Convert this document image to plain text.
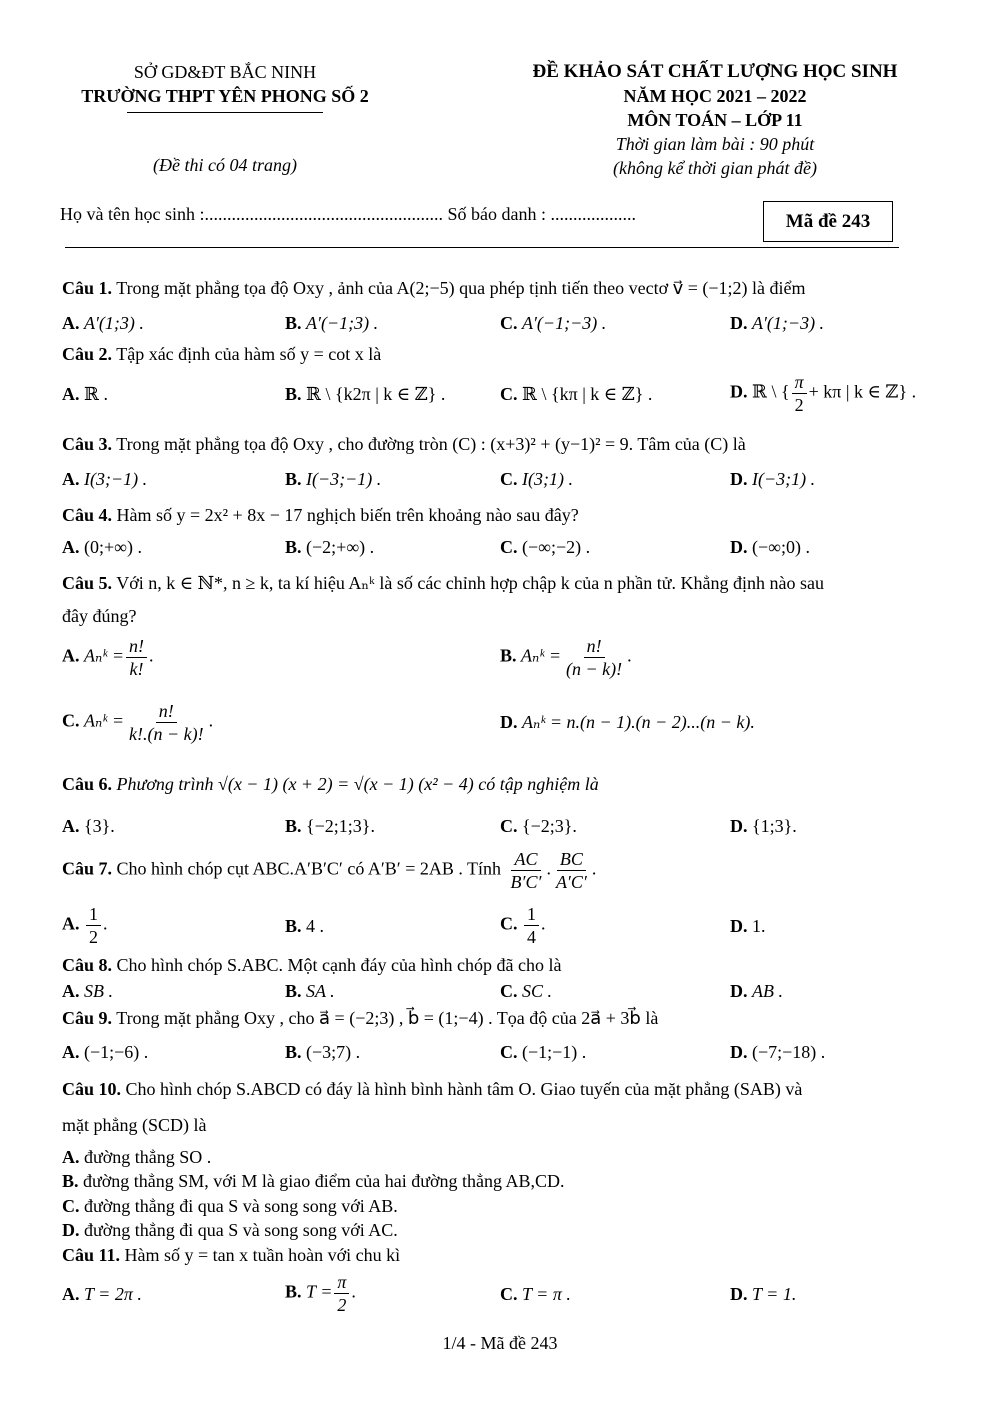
SỞ GD&ĐT BẮC NINH
TRƯỜNG THPT YÊN PHONG SỐ 2
(Đề thi có 04 trang)
ĐỀ KHẢO SÁT CHẤT LƯỢNG HỌC SINH
NĂM HỌC 2021 – 2022
MÔN TOÁN – LỚP 11
Thời gian làm bài : 90 phút
(không kể thời gian phát đề)
Họ và tên học sinh :..................................................... Số báo danh : ...................	Mã đề 243
Câu 1. Trong mặt phẳng tọa độ Oxy , ảnh của A(2;−5) qua phép tịnh tiến theo vectơ v⃗ = (−1;2) là điểm
A. A′(1;3) .	B. A′(−1;3) .	C. A′(−1;−3) .	D. A′(1;−3) .
Câu 2. Tập xác định của hàm số y = cot x là
A. ℝ .	B. ℝ \ {k2π | k ∈ ℤ} .	C. ℝ \ {kπ | k ∈ ℤ} .	D. ℝ \ { $\frac{\pi}{2} + k\pi$ | k ∈ ℤ} .
Câu 3. Trong mặt phẳng tọa độ Oxy , cho đường tròn (C) : (x+3)² + (y−1)² = 9. Tâm của (C) là
A. I(3;−1) .	B. I(−3;−1) .	C. I(3;1) .	D. I(−3;1) .
Câu 4. Hàm số y = 2x² + 8x − 17 nghịch biến trên khoảng nào sau đây?
A. (0;+∞) .	B. (−2;+∞) .	C. (−∞;−2) .	D. (−∞;0) .
Câu 5. Với n, k ∈ ℕ*, n ≥ k, ta kí hiệu Aₙᵏ là số các chỉnh hợp chập k của n phần tử. Khẳng định nào sau
đây đúng?
A. Aₙᵏ = $\frac{n!}{k!}$ .	B. Aₙᵏ = $\frac{n!}{(n - k)!}$ .
C. Aₙᵏ = $\frac{n!}{k!.(n - k)!}$ .	D. Aₙᵏ = n.(n − 1).(n − 2)...(n − k).
Câu 6. Phương trình √(x − 1) (x + 2) = √(x − 1) (x² − 4) có tập nghiệm là
A. {3}.	B. {−2;1;3}.	C. {−2;3}.	D. {1;3}.
Câu 7. Cho hình chóp cụt ABC.A′B′C′ có A′B′ = 2AB . Tính $\frac{AC}{B'C'}$ . $\frac{BC}{A'C'}$ .
A. $\frac{1}{2}$ .	B. 4 .	C. $\frac{1}{4}$ .	D. 1.
Câu 8. Cho hình chóp S.ABC. Một cạnh đáy của hình chóp đã cho là
A. SB .	B. SA .	C. SC .	D. AB .
Câu 9. Trong mặt phẳng Oxy , cho a⃗ = (−2;3) , b⃗ = (1;−4) . Tọa độ của 2a⃗ + 3b⃗ là
A. (−1;−6) .	B. (−3;7) .	C. (−1;−1) .	D. (−7;−18) .
Câu 10. Cho hình chóp S.ABCD có đáy là hình bình hành tâm O. Giao tuyến của mặt phẳng (SAB) và
mặt phẳng (SCD) là
A. đường thẳng SO .
B. đường thẳng SM, với M là giao điểm của hai đường thẳng AB,CD.
C. đường thẳng đi qua S và song song với AB.
D. đường thẳng đi qua S và song song với AC.
Câu 11. Hàm số y = tan x tuần hoàn với chu kì
A. T = 2π .	B. $T = \frac{\pi}{2}$ .	C. T = π .	D. T = 1.
1/4 - Mã đề 243
